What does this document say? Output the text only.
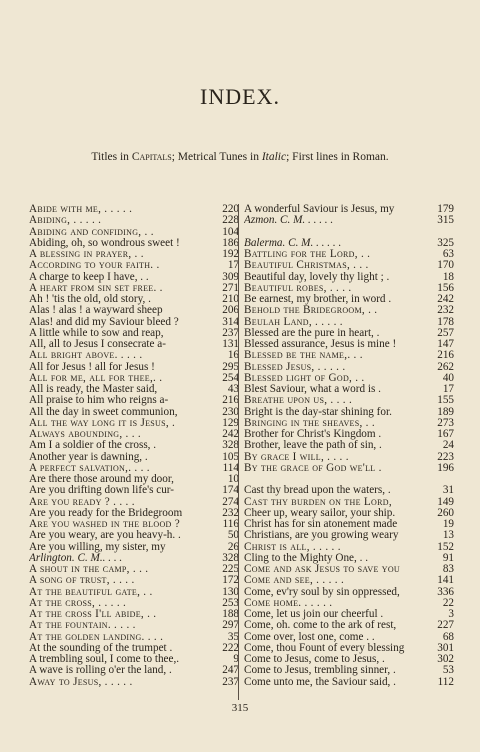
INDEX.
Titles in Capitals; Metrical Tunes in Italic; First lines in Roman.
Abide with me, . . . . .	220
Abiding, . . . . .	228
Abiding and confiding, . .	104
Abiding, oh, so wondrous sweet !	186
A blessing in prayer, . .	192
According to your faith. .	17
A charge to keep I have, . .	309
A heart from sin set free. .	271
Ah ! 'tis the old, old story, .	210
Alas ! alas ! a wayward sheep	206
Alas! and did my Saviour bleed ?	314
A little while to sow and reap,	237
All, all to Jesus I consecrate a-	131
All bright above. . . . .	16
All for Jesus ! all for Jesus !	295
All for me, all for thee,. .	254
All is ready, the Master said,	43
All praise to him who reigns a-	216
All the day in sweet communion,	230
All the way long it is Jesus, .	129
Always abounding, . . .	242
Am I a soldier of the cross, .	328
Another year is dawning, .	105
A perfect salvation,. . . .	114
Are there those around my door,	10
Are you drifting down life's cur-	174
Are you ready ? . . . .	274
Are you ready for the Bridegroom	232
Are you washed in the blood ?	116
Are you weary, are you heavy-h. .	50
Are you willing, my sister, my	26
Arlington. C. M.. . . .	328
A shout in the camp, . . .	225
A song of trust, . . . .	172
At the beautiful gate, . .	130
At the cross, . . . . .	253
At the cross I'll abide, . .	188
At the fountain. . . . .	297
At the golden landing. . . .	35
At the sounding of the trumpet .	222
A trembling soul, I come to thee,.	9
A wave is rolling o'er the land, .	247
Away to Jesus, . . . . .	237
A wonderful Saviour is Jesus, my	179
Azmon. C. M. . . . . .	315
Balerma. C. M. . . . . .	325
Battling for the Lord, . .	63
Beautiful Christmas, . . .	170
Beautiful day, lovely thy light ; .	18
Beautiful robes, . . . .	156
Be earnest, my brother, in word .	242
Behold the Bridegroom, . .	232
Beulah Land, . . . . .	178
Blessed are the pure in heart, .	257
Blessed assurance, Jesus is mine !	147
Blessed be the name,. . .	216
Blessed Jesus, . . . . .	262
Blessed light of God, . .	40
Blest Saviour, what a word is .	17
Breathe upon us, . . . .	155
Bright is the day-star shining for.	189
Bringing in the sheaves, . .	273
Brother for Christ's Kingdom .	167
Brother, leave the path of sin, .	24
By grace I will, . . . .	223
By the grace of God we'll .	196
Cast thy bread upon the waters, .	31
Cast thy burden on the Lord,	149
Cheer up, weary sailor, your ship.	260
Christ has for sin atonement made	19
Christians, are you growing weary	13
Christ is all, . . . . .	152
Cling to the Mighty One, . .	91
Come and ask Jesus to save you	83
Come and see, . . . . .	141
Come, ev'ry soul by sin oppressed,	336
Come home. . . . . .	22
Come, let us join our cheerful .	3
Come, oh. come to the ark of rest,	227
Come over, lost one, come . .	68
Come, thou Fount of every blessing	301
Come to Jesus, come to Jesus, .	302
Come to Jesus, trembling sinner, .	53
Come unto me, the Saviour said, .	112
315
